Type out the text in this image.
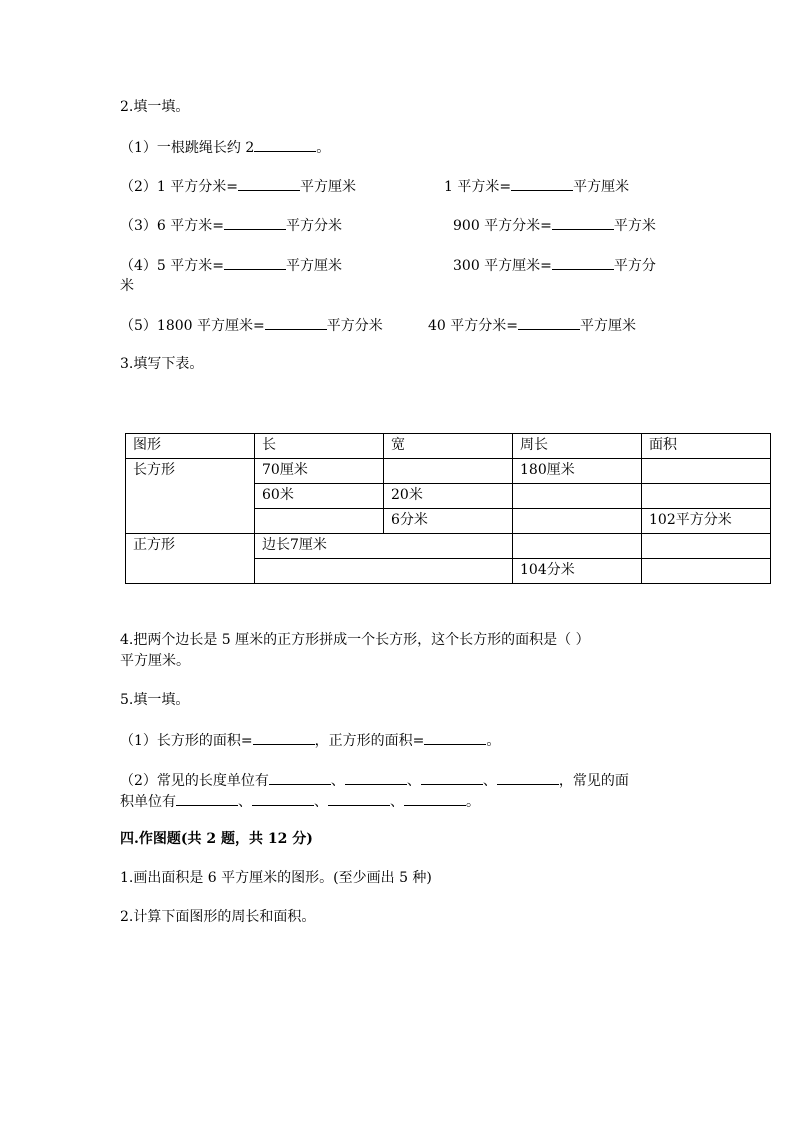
2.填一填。
（1）一根跳绳长约 2	。
（2）1 平方分米=	平方厘米	1 平方米=	平方厘米
（3）6 平方米=	平方分米	900 平方分米=	平方米
（4）5 平方米=	平方厘米	300 平方厘米=	平方分
米
（5）1800 平方厘米=	平方分米	40 平方分米=	平方厘米
3.填写下表。
图形	长	宽	周长	面积
长方形	70厘米		180厘米	
	60米	20米		
		6分米		102平方分米
正方形	边长7厘米			
			104分米	
4.把两个边长是 5 厘米的正方形拼成一个长方形，这个长方形的面积是（ ）
平方厘米。
5.填一填。
（1）长方形的面积=	，正方形的面积=	。
（2）常见的长度单位有	、	、	、	，常见的面
积单位有	、	、	、	。
四.作图题(共 2 题，共 12 分)
1.画出面积是 6 平方厘米的图形。(至少画出 5 种)
2.计算下面图形的周长和面积。
